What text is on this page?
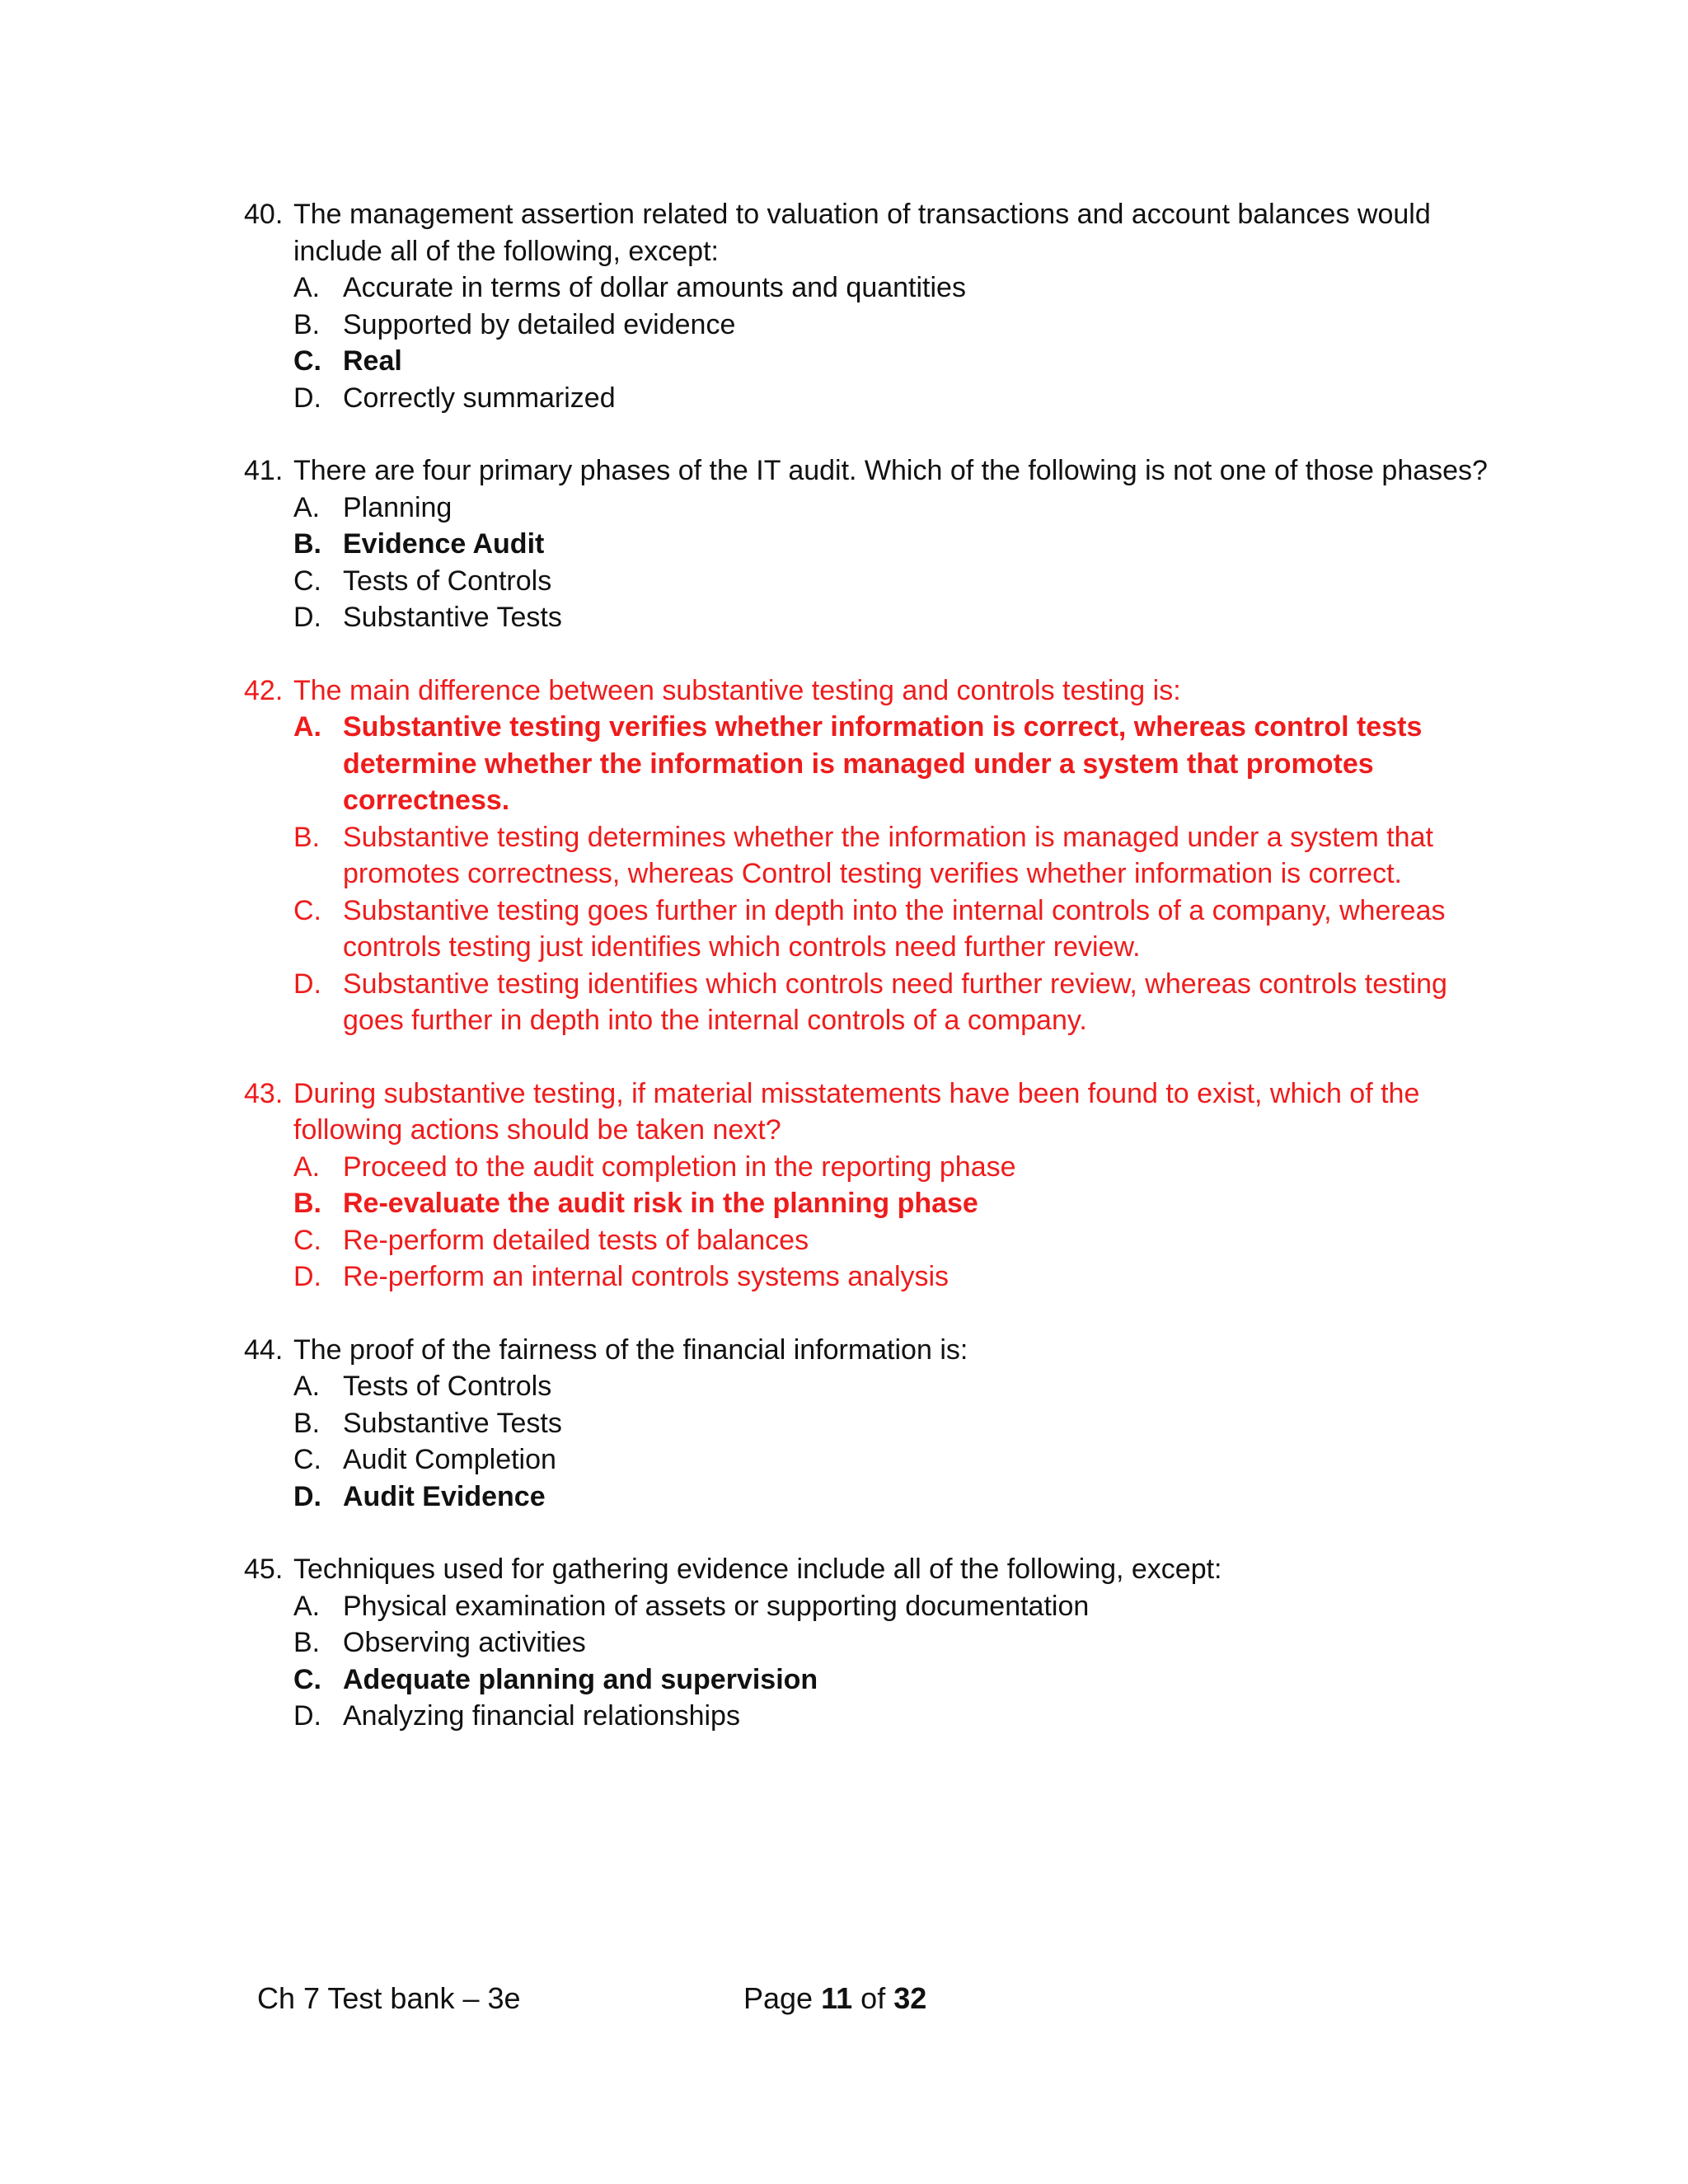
40. The management assertion related to valuation of transactions and account balances would include all of the following, except:
A. Accurate in terms of dollar amounts and quantities
B. Supported by detailed evidence
C. Real
D. Correctly summarized
41. There are four primary phases of the IT audit. Which of the following is not one of those phases?
A. Planning
B. Evidence Audit
C. Tests of Controls
D. Substantive Tests
42. The main difference between substantive testing and controls testing is:
A. Substantive testing verifies whether information is correct, whereas control tests determine whether the information is managed under a system that promotes correctness.
B. Substantive testing determines whether the information is managed under a system that promotes correctness, whereas Control testing verifies whether information is correct.
C. Substantive testing goes further in depth into the internal controls of a company, whereas controls testing just identifies which controls need further review.
D. Substantive testing identifies which controls need further review, whereas controls testing goes further in depth into the internal controls of a company.
43. During substantive testing, if material misstatements have been found to exist, which of the following actions should be taken next?
A. Proceed to the audit completion in the reporting phase
B. Re-evaluate the audit risk in the planning phase
C. Re-perform detailed tests of balances
D. Re-perform an internal controls systems analysis
44. The proof of the fairness of the financial information is:
A. Tests of Controls
B. Substantive Tests
C. Audit Completion
D. Audit Evidence
45. Techniques used for gathering evidence include all of the following, except:
A. Physical examination of assets or supporting documentation
B. Observing activities
C. Adequate planning and supervision
D. Analyzing financial relationships
Ch 7 Test bank – 3e	Page 11 of 32
